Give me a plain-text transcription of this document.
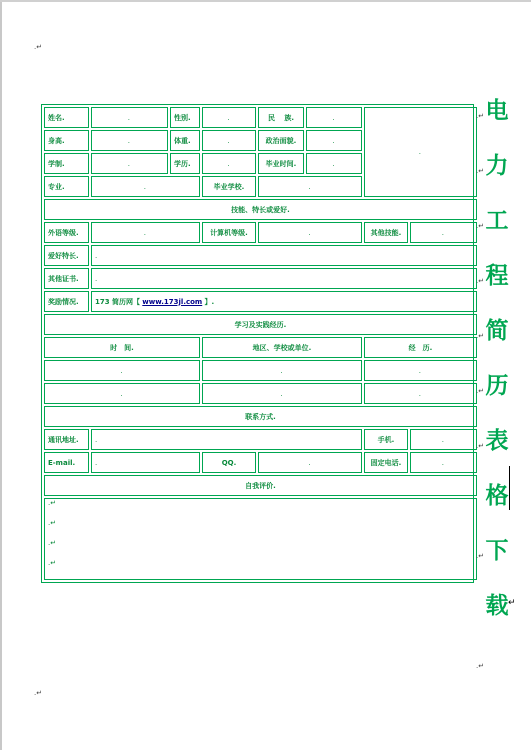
.↵
.↵
姓名.	. 	性别.	. 	民　 族.	. 	. 	
身高.	. 	体重.	. 	政治面貌.	. 		
学制.	. 	学历.	. 	毕业时间.	. 		
专业.	. 		毕业学校.	. 			
技能、特长或爱好.							
外语等级.	. 		计算机等级.	. 		其他技能.	. 
爱好特长.	. 						
其他证书.	. 						
奖励情况.	173 简历网【 www.173jl.com 】.						
学习及实践经历.							
时　间.			地区、学校或单位.			经　历.	
. 			. 			. 	
. 			. 			. 	
联系方式.							
通讯地址.	. 					手机.	. 
E-mail.	. 		QQ.	. 		固定电话.	. 
自我评价.							

.↵
.↵
.↵
.↵							
电
力
工
程
简
历
表
格
下
载
.↵
.↵
.↵
.↵
.↵
.↵
.↵
.↵
.↵
↵
